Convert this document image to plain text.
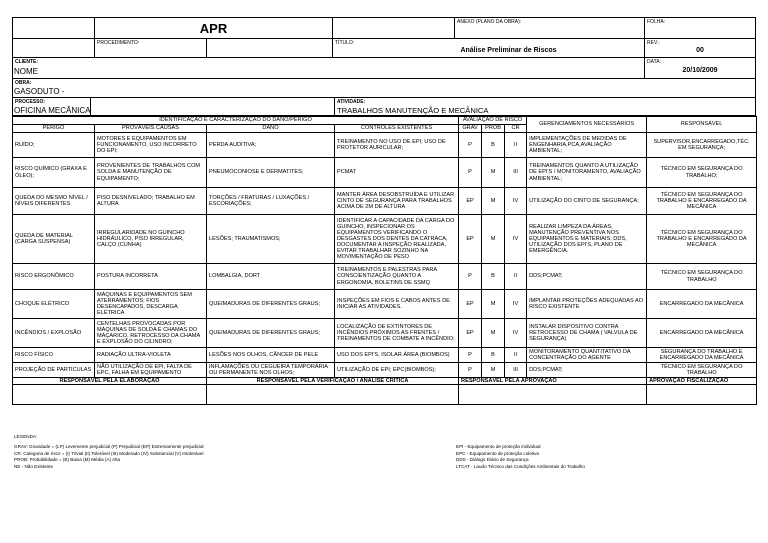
APR	ANEXO (PLANO DA OBRA):	FOLHA:
PROCEDIMENTO:	TÍTULO:
Análise Preliminar de Riscos
REV.:
00
CLIENTE:
NOME
DATA:
20/10/2009
OBRA:
GASODUTO -
PROCESSO:
OFICINA MECÂNICA
ATIVIDADE:
TRABALHOS MANUTENÇÃO E MECÂNICA
IDENTIFICAÇÃO E CARACTERIZAÇÃO DO DANO/PERIGO				AVALIAÇÃO DE RISCO			GERENCIAMENTOS NECESSÁRIOS	RESPONSÁVEL
PERIGO	PROVÁVEIS CAUSAS	DANO	CONTROLES EXISTENTES	GRAV	PROB	CR		
RUÍDO;	MOTORES E EQUIPAMENTOS EM FUNCIONAMENTO, USO INCORRETO DO EPI;	PERDA AUDITIVA;	TREINAMENTO NO USO DE EPI; USO DE PROTETOR AURICULAR;	P	B	II	IMPLEMENTAÇÕES DE MEDIDAS DE ENGENHARIA,PCA,AVALIAÇÃO AMBIENTAL;	SUPERVISOR,ENCARREGADO,TÉC. EM SEGURANÇA;
RISCO QUÍMICO (GRAXA E ÓLEO);	PROVENIENTES DE TRABALHOS COM SOLDA E MANUTENÇÃO DE EQUIPAMENTO;	PNEUMOCONIOSE E DERMATITES;	PCMAT	P	M	III	TREINAMENTOS QUANTO A UTILIZAÇÃO DE EPI'S / MONITORAMENTO, AVALIAÇÃO AMBIENTAL;	TÉCNICO EM SEGURANÇA DO TRABALHO;
QUEDA DO MESMO NÍVEL / NÍVEIS DIFERENTES	PISO DESNIVELADO; TRABALHO EM ALTURA	TORÇÕES / FRATURAS / LUXAÇÕES / ESCORIAÇÕES;	MANTER ÁREA DESOBSTRUÍDA E UTILIZAR CINTO DE SEGURANÇA PARA TRABALHOS ACIMA DE 2M DE ALTURA	EP	M	IV	UTILIZAÇÃO DO CINTO DE SEGURANÇA;	TÉCNICO EM SEGURANÇA DO TRABALHO E ENCARREGADO DA MECÂNICA
QUEDA DE MATERIAL (CARGA SUSPENSA)	IRREGULARIDADE NO GUINCHO HIDRÁULICO, PISO IRREGULAR, CALÇO (CUNHA)	LESÕES; TRAUMATISMOS;	IDENTIFICAR A CAPACIDADE DA CARGA DO GUINCHO, INSPECIONAR OS EQUIPAMENTOS VERIFICANDO O DESGASTES DOS DENTES DA CATRACA, DOCUMENTAR A INSPEÇÃO REALIZADA, EVITAR TRABALHAR SOZINHO NA MOVIMENTAÇÃO DE PESO	EP	M	IV	REALIZAR LIMPEZA DA ÁREAS, MANUTENÇÃO PREVENTIVA NOS EQUIPAMENTOS E MATERIAIS; DDS, UTILIZAÇÃO DOS EPI'S, PLANO DE EMERGÊNCIA.	TÉCNICO EM SEGURANÇA DO TRABALHO E ENCARREGADO DA MECÂNICA
RISCO ERGONÔMICO	POSTURA INCORRETA	LOMBALGIA, DORT	TREINAMENTOS E PALESTRAS PARA CONSCIENTIZAÇÃO QUANTO A ERGONOMIA, BOLETINS DE SSMQ	P	B	II	DDS;PCMAT;	TÉCNICO EM SEGURANÇA DO TRABALHO
CHOQUE ELÉTRICO	MÁQUINAS E EQUIPAMENTOS SEM ATERRAMENTOS; FIOS DESENCAPADOS, DESCARGA ELÉTRICA	QUEIMADURAS DE DIFERENTES GRAUS;	INSPEÇÕES EM FIOS E CABOS ANTES DE INICIAR AS ATIVIDADES.	EP	M	IV	IMPLANTAR PROTEÇÕES ADEQUADAS AO RISCO EXISTENTE	ENCARREGADO DA MECÂNICA
INCÊNDIOS / EXPLOSÃO	CENTELHAS PROVOCADAS POR MÁQUINAS DE SOLDA E CHAMAS DO MAÇARICO, RETROCESSO DA CHAMA E EXPLOSÃO DO CILINDRO;	QUEIMADURAS DE DIFERENTES GRAUS;	LOCALIZAÇÃO DE EXTINTORES DE INCÊNDIOS PRÓXIMOS AS FRENTES / TREINAMENTOS DE COMBATE A INCÊNDIO;	EP	M	IV	INSTALAR DISPOSITIVO CONTRA RETROCESSO DE CHAMA ( VALVULA DE SEGURANÇA)	ENCARREGADO DA MECÂNICA
RISCO FÍSICO	RADIAÇÃO ULTRA-VIOLETA	LESÕES NOS OLHOS, CÂNCER DE PELE	USO DOS EPI'S, ISOLAR ÁREA (BIOMBOS)	P	B	II	MONITORAMENTO QUANTITATIVO DA CONCENTRAÇÃO DO AGENTE	SEGURANÇA DO TRABALHO E ENCARREGADO DA MECÂNICA
PROJEÇÃO DE PARTÍCULAS	NÃO UTILIZAÇÃO DE EPI, FALTA DE EPC, FALHA EM EQUIPAMENTO	INFLAMAÇÕES OU CEGUEIRA TEMPORÁRIA OU PERMANENTE NOS OLHOS;	UTILIZAÇÃO DE EPI; EPC(BIOMBOS);	P	M	III	DDS;PCMAT;	TÉCNICO EM SEGURANÇA DO TRABALHO
RESPONSÁVEL PELA ELABORAÇÃO		RESPONSÁVEL PELA VERIFICAÇÃO / ANÁLISE CRÍTICA		RESPONSÁVEL PELA APROVAÇÃO				APROVAÇÃO FISCALIZAÇÃO

LEGENDA:
GRAV: Gravidade = (LP) Levemente prejudicial (P) Prejudicial (EP) Extremamente prejudicial
CR: Categoria de risco = (I) Trivial (II) Tolerável (III) Moderado (IV) Substancial (V) Intolerável
PROB: Probabilidade = (B) Baixa (M) Média (A) Alta
NE - Não Existente
EPI - Equipamento de proteção individual
EPC - Equipamento de proteção coletiva
DDS - Diálogo Diário de Segurança
LTCAT - Laudo Técnico das Condições Ambientais do Trabalho
